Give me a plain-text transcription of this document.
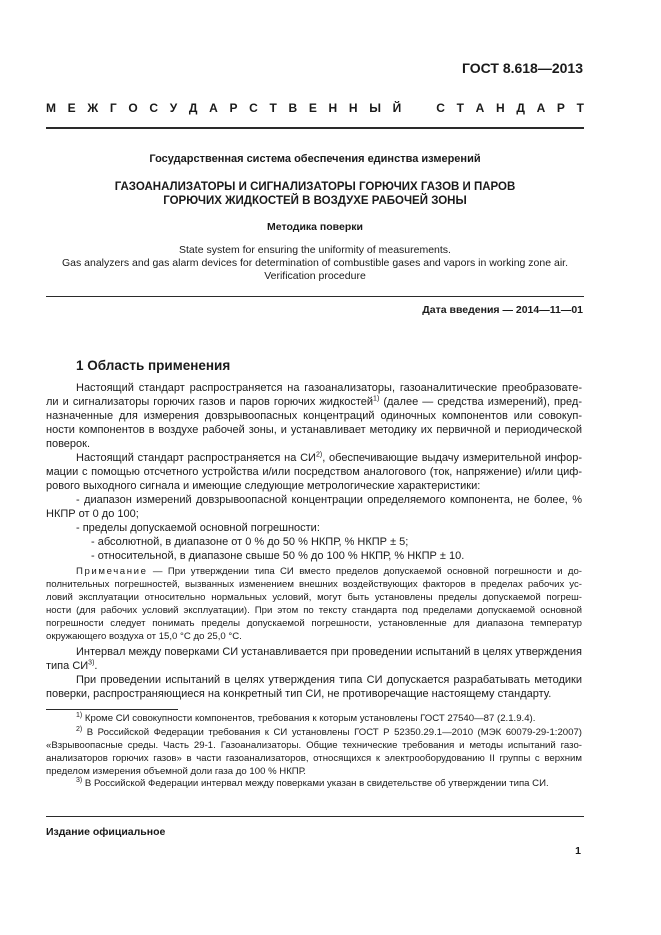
ГОСТ 8.618—2013
М Е Ж Г О С У Д А Р С Т В Е Н Н Ы Й	С Т А Н Д А Р Т
Государственная система обеспечения единства измерений
ГАЗОАНАЛИЗАТОРЫ И СИГНАЛИЗАТОРЫ ГОРЮЧИХ ГАЗОВ И ПАРОВ
ГОРЮЧИХ ЖИДКОСТЕЙ В ВОЗДУХЕ РАБОЧЕЙ ЗОНЫ
Методика поверки
State system for ensuring the uniformity of measurements.
Gas analyzers and gas alarm devices for determination of combustible gases and vapors in working zone air.
Verification procedure
Дата введения — 2014—11—01
1 Область применения
Настоящий стандарт распространяется на газоанализаторы, газоаналитические преобразовате-
ли и сигнализаторы горючих газов и паров горючих жидкостей$^{1)}$ (далее — средства измерений), пред-
назначенные для измерения довзрывоопасных концентраций одиночных компонентов или совокуп-
ности компонентов в воздухе рабочей зоны, и устанавливает методику их первичной и периодической
поверок.
Настоящий стандарт распространяется на СИ$^{2)}$, обеспечивающие выдачу измерительной инфор-
мации с помощью отсчетного устройства и/или посредством аналогового (ток, напряжение) и/или циф-
рового выходного сигнала и имеющие следующие метрологические характеристики:
- диапазон измерений довзрывоопасной концентрации определяемого компонента, не более, %
НКПР от 0 до 100;
- пределы допускаемой основной погрешности:
- абсолютной, в диапазоне от 0 % до 50 % НКПР, % НКПР ± 5;
- относительной, в диапазоне свыше 50 % до 100 % НКПР, % НКПР ± 10.
Примечание — При утверждении типа СИ вместо пределов допускаемой основной погрешности и до-
полнительных погрешностей, вызванных изменением внешних воздействующих факторов в пределах рабочих ус-
ловий эксплуатации относительно нормальных условий, могут быть установлены пределы допускаемой погреш-
ности (для рабочих условий эксплуатации). При этом по тексту стандарта под пределами допускаемой основной
погрешности следует понимать пределы допускаемой погрешности, установленные для диапазона температур
окружающего воздуха от 15,0 °С до 25,0 °С.
Интервал между поверками СИ устанавливается при проведении испытаний в целях утверждения
типа СИ$^{3)}$.
При проведении испытаний в целях утверждения типа СИ допускается разрабатывать методики
поверки, распространяющиеся на конкретный тип СИ, не противоречащие настоящему стандарту.
$^{1)}$ Кроме СИ совокупности компонентов, требования к которым установлены ГОСТ 27540—87 (2.1.9.4).
$^{2)}$ В Российской Федерации требования к СИ установлены ГОСТ Р 52350.29.1—2010 (МЭК 60079-29-1:2007)
«Взрывоопасные среды. Часть 29-1. Газоанализаторы. Общие технические требования и методы испытаний газо-
анализаторов горючих газов» в части газоанализаторов, относящихся к электрооборудованию II группы с верхним
пределом измерения объемной доли газа до 100 % НКПР.
$^{3)}$ В Российской Федерации интервал между поверками указан в свидетельстве об утверждении типа СИ.
Издание официальное
1
